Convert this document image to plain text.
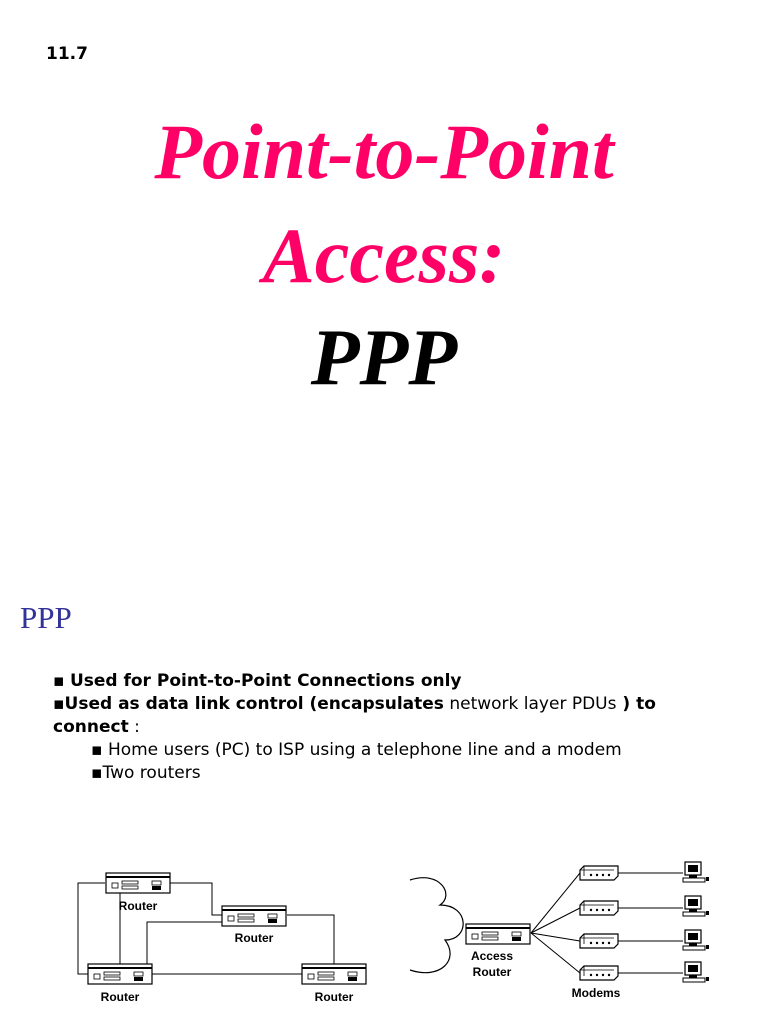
11.7
Point-to-Point
Access:
PPP
PPP
▪ Used for Point-to-Point Connections only
▪Used as data link control (encapsulates network layer PDUs ) to
connect :
▪ Home users (PC) to ISP using a telephone line and a modem
▪Two routers
Router
Router
Router	Router
Access
Router
Modems
